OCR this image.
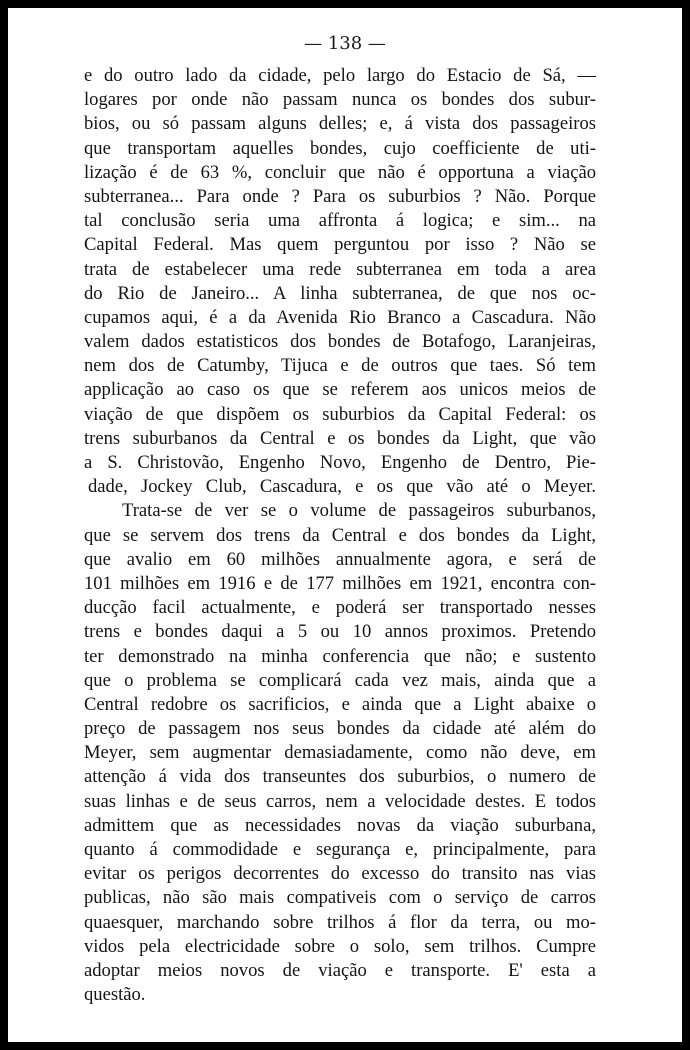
— 138 —
e do outro lado da cidade, pelo largo do Estacio de Sá, —
logares por onde não passam nunca os bondes dos subur-
bios, ou só passam alguns delles; e, á vista dos passageiros
que transportam aquelles bondes, cujo coefficiente de uti-
lização é de 63 %, concluir que não é opportuna a viação
subterranea... Para onde ? Para os suburbios ? Não. Porque
tal conclusão seria uma affronta á logica; e sim... na
Capital Federal. Mas quem perguntou por isso ? Não se
trata de estabelecer uma rede subterranea em toda a area
do Rio de Janeiro... A linha subterranea, de que nos oc-
cupamos aqui, é a da Avenida Rio Branco a Cascadura. Não
valem dados estatisticos dos bondes de Botafogo, Laranjeiras,
nem dos de Catumby, Tijuca e de outros que taes. Só tem
applicação ao caso os que se referem aos unicos meios de
viação de que dispõem os suburbios da Capital Federal: os
trens suburbanos da Central e os bondes da Light, que vão
a S. Christovão, Engenho Novo, Engenho de Dentro, Pie-
dade, Jockey Club, Cascadura, e os que vão até o Meyer.
Trata-se de ver se o volume de passageiros suburbanos,
que se servem dos trens da Central e dos bondes da Light,
que avalio em 60 milhões annualmente agora, e será de
101 milhões em 1916 e de 177 milhões em 1921, encontra con-
ducção facil actualmente, e poderá ser transportado nesses
trens e bondes daqui a 5 ou 10 annos proximos. Pretendo
ter demonstrado na minha conferencia que não; e sustento
que o problema se complicará cada vez mais, ainda que a
Central redobre os sacrificios, e ainda que a Light abaixe o
preço de passagem nos seus bondes da cidade até além do
Meyer, sem augmentar demasiadamente, como não deve, em
attenção á vida dos transeuntes dos suburbios, o numero de
suas linhas e de seus carros, nem a velocidade destes. E todos
admittem que as necessidades novas da viação suburbana,
quanto á commodidade e segurança e, principalmente, para
evitar os perigos decorrentes do excesso do transito nas vias
publicas, não são mais compativeis com o serviço de carros
quaesquer, marchando sobre trilhos á flor da terra, ou mo-
vidos pela electricidade sobre o solo, sem trilhos. Cumpre
adoptar meios novos de viação e transporte. E' esta a
questão.
